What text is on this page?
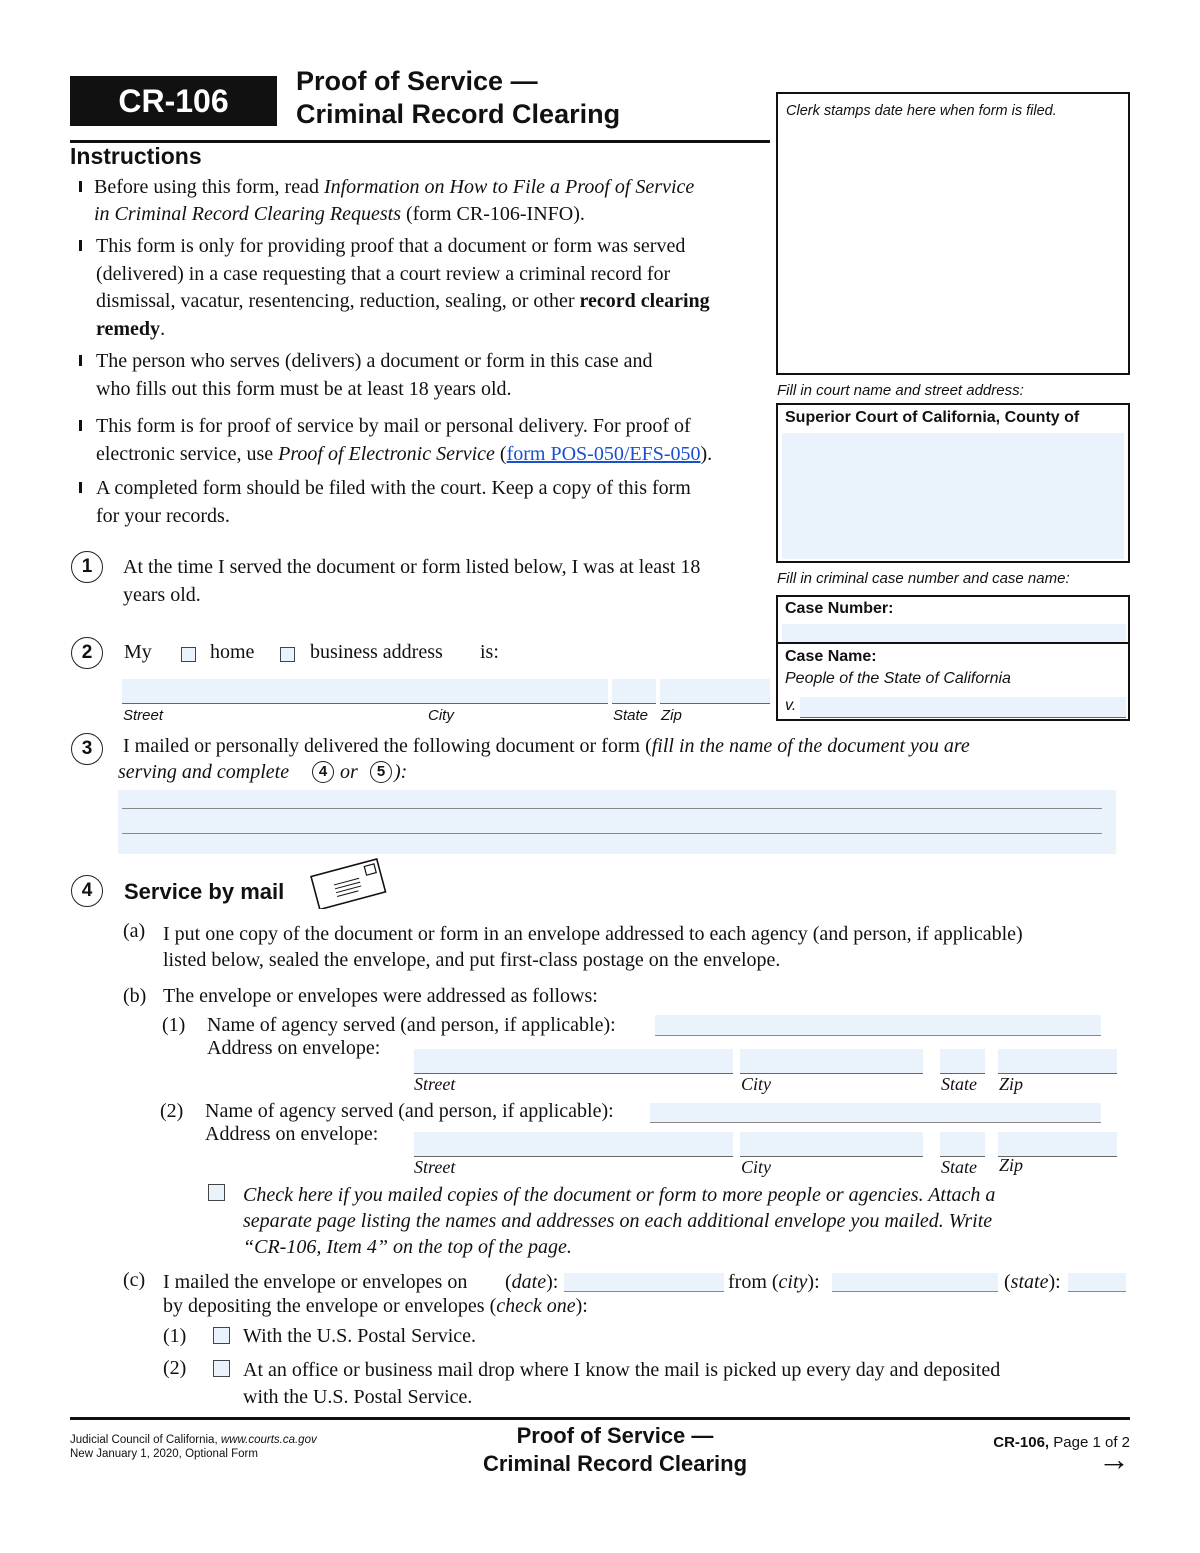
CR-106
Proof of Service —
Criminal Record Clearing	Clerk stamps date here when form is filed.
Fill in court name and street address:
Superior Court of California, County of
Fill in criminal case number and case name:
Case Number:
Case Name:
People of the State of California
v.
Instructions
Before using this form, read Information on How to File a Proof of Service
in Criminal Record Clearing Requests (form CR-106-INFO).
This form is only for providing proof that a document or form was served
(delivered) in a case requesting that a court review a criminal record for
dismissal, vacatur, resentencing, reduction, sealing, or other record clearing
remedy.
The person who serves (delivers) a document or form in this case and
who fills out this form must be at least 18 years old.
This form is for proof of service by mail or personal delivery. For proof of
electronic service, use Proof of Electronic Service (form POS-050/EFS-050).
A completed form should be filed with the court. Keep a copy of this form
for your records.
1	At the time I served the document or form listed below, I was at least 18
years old.
2	My	home	business address is:
Street	City	State Zip
3	I mailed or personally delivered the following document or form (fill in the name of the document you are
serving and complete	4 or	5 ):
4	Service by mail
(a) I put one copy of the document or form in an envelope addressed to each agency (and person, if applicable)
listed below, sealed the envelope, and put first-class postage on the envelope.
(b) The envelope or envelopes were addressed as follows:
(1) Name of agency served (and person, if applicable):
Address on envelope:
Street	City	State Zip
(2) Name of agency served (and person, if applicable):
Address on envelope:
Street	City	State Zip
Check here if you mailed copies of the document or form to more people or agencies. Attach a
separate page listing the names and addresses on each additional envelope you mailed. Write
“CR-106, Item 4” on the top of the page.
(c) I mailed the envelope or envelopes on (date):	from (city):	(state):
by depositing the envelope or envelopes (check one):
(1)	With the U.S. Postal Service.
(2)	At an office or business mail drop where I know the mail is picked up every day and deposited
with the U.S. Postal Service.
Judicial Council of California, www.courts.ca.gov
New January 1, 2020, Optional Form
Proof of Service —
Criminal Record Clearing
CR-106, Page 1 of 2
→
